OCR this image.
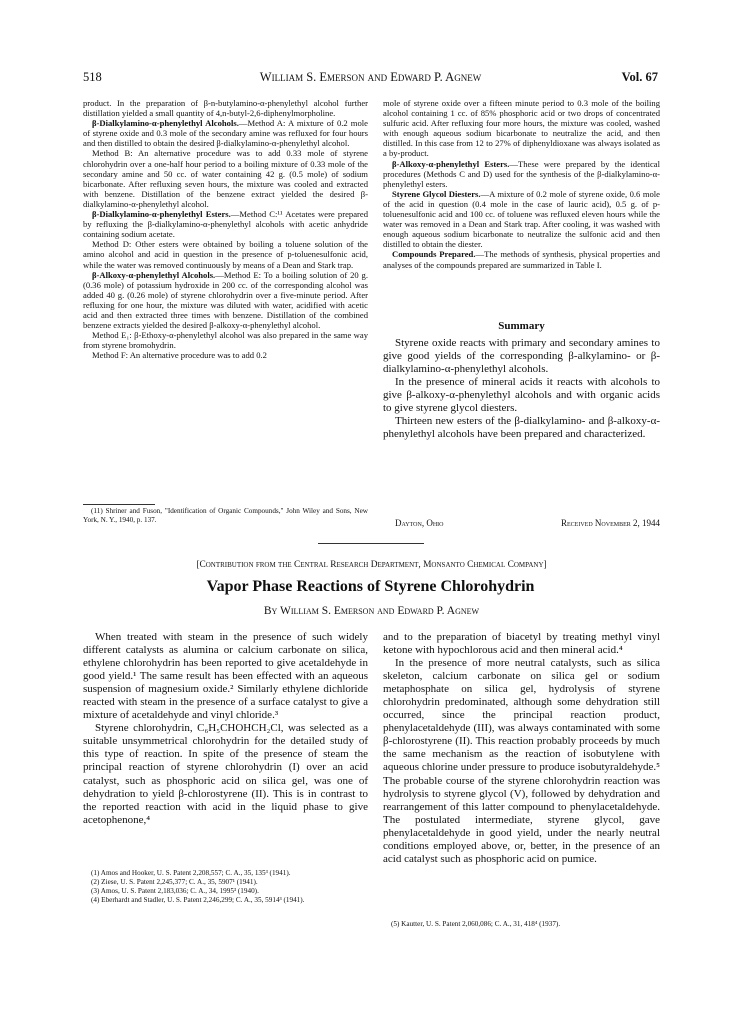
518	William S. Emerson and Edward P. Agnew	Vol. 67

product. In the preparation of β-n-butylamino-α-phenylethyl alcohol further distillation yielded a small quantity of 4,n-butyl-2,6-diphenylmorpholine.

β-Dialkylamino-α-phenylethyl Alcohols.—Method A: A mixture of 0.2 mole of styrene oxide and 0.3 mole of the secondary amine was refluxed for four hours and then distilled to obtain the desired β-dialkylamino-α-phenylethyl alcohol.

Method B: An alternative procedure was to add 0.33 mole of styrene chlorohydrin over a one-half hour period to a boiling mixture of 0.33 mole of the secondary amine and 50 cc. of water containing 42 g. (0.5 mole) of sodium bicarbonate. After refluxing seven hours, the mixture was cooled and extracted with benzene. Distillation of the benzene extract yielded the desired β-dialkylamino-α-phenylethyl alcohol.

β-Dialkylamino-α-phenylethyl Esters.—Method C:¹¹ Acetates were prepared by refluxing the β-dialkylamino-α-phenylethyl alcohols with acetic anhydride containing sodium acetate.

Method D: Other esters were obtained by boiling a toluene solution of the amino alcohol and acid in question in the presence of p-toluenesulfonic acid, while the water was removed continuously by means of a Dean and Stark trap.

β-Alkoxy-α-phenylethyl Alcohols.—Method E: To a boiling solution of 20 g. (0.36 mole) of potassium hydroxide in 200 cc. of the corresponding alcohol was added 40 g. (0.26 mole) of styrene chlorohydrin over a five-minute period. After refluxing for one hour, the mixture was diluted with water, acidified with acetic acid and then extracted three times with benzene. Distillation of the combined benzene extracts yielded the desired β-alkoxy-α-phenylethyl alcohol.

Method E₁: β-Ethoxy-α-phenylethyl alcohol was also prepared in the same way from styrene bromohydrin.

Method F: An alternative procedure was to add 0.2

(11) Shriner and Fuson, "Identification of Organic Compounds," John Wiley and Sons, New York, N. Y., 1940, p. 137.

mole of styrene oxide over a fifteen minute period to 0.3 mole of the boiling alcohol containing 1 cc. of 85% phosphoric acid or two drops of concentrated sulfuric acid. After refluxing four more hours, the mixture was cooled, washed with enough aqueous sodium bicarbonate to neutralize the acid, and then distilled. In this case from 12 to 27% of diphenyldioxane was always isolated as a by-product.

β-Alkoxy-α-phenylethyl Esters.—These were prepared by the identical procedures (Methods C and D) used for the synthesis of the β-dialkylamino-α-phenylethyl esters.

Styrene Glycol Diesters.—A mixture of 0.2 mole of styrene oxide, 0.6 mole of the acid in question (0.4 mole in the case of lauric acid), 0.5 g. of p-toluenesulfonic acid and 100 cc. of toluene was refluxed eleven hours while the water was removed in a Dean and Stark trap. After cooling, it was washed with enough aqueous sodium bicarbonate to neutralize the sulfonic acid and then distilled to obtain the diester.

Compounds Prepared.—The methods of synthesis, physical properties and analyses of the compounds prepared are summarized in Table I.

Summary

Styrene oxide reacts with primary and secondary amines to give good yields of the corresponding β-alkylamino- or β-dialkylamino-α-phenylethyl alcohols.

In the presence of mineral acids it reacts with alcohols to give β-alkoxy-α-phenylethyl alcohols and with organic acids to give styrene glycol diesters.

Thirteen new esters of the β-dialkylamino- and β-alkoxy-α-phenylethyl alcohols have been prepared and characterized.

Dayton, Ohio	Received November 2, 1944
[Contribution from the Central Research Department, Monsanto Chemical Company]
Vapor Phase Reactions of Styrene Chlorohydrin
By William S. Emerson and Edward P. Agnew

When treated with steam in the presence of such widely different catalysts as alumina or calcium carbonate on silica, ethylene chlorohydrin has been reported to give acetaldehyde in good yield.¹ The same result has been effected with an aqueous suspension of magnesium oxide.² Similarly ethylene dichloride reacted with steam in the presence of a surface catalyst to give a mixture of acetaldehyde and vinyl chloride.³

Styrene chlorohydrin, C₆H₅CHOHCH₂Cl, was selected as a suitable unsymmetrical chlorohydrin for the detailed study of this type of reaction. In spite of the presence of steam the principal reaction of styrene chlorohydrin (I) over an acid catalyst, such as phosphoric acid on silica gel, was one of dehydration to yield β-chlorostyrene (II). This is in contrast to the reported reaction with acid in the liquid phase to give acetophenone,⁴

(1) Amos and Hooker, U. S. Patent 2,208,557; C. A., 35, 135³ (1941).

(2) Ziese, U. S. Patent 2,245,377; C. A., 35, 5907¹ (1941).

(3) Amos, U. S. Patent 2,183,036; C. A., 34, 1995³ (1940).

(4) Eberhardt and Stadler, U. S. Patent 2,246,299; C. A., 35, 5914³ (1941).

and to the preparation of biacetyl by treating methyl vinyl ketone with hypochlorous acid and then mineral acid.⁴

In the presence of more neutral catalysts, such as silica skeleton, calcium carbonate on silica gel or sodium metaphosphate on silica gel, hydrolysis of styrene chlorohydrin predominated, although some dehydration still occurred, since the principal reaction product, phenylacetaldehyde (III), was always contaminated with some β-chlorostyrene (II). This reaction probably proceeds by much the same mechanism as the reaction of isobutylene with aqueous chlorine under pressure to produce isobutyraldehyde.⁵ The probable course of the styrene chlorohydrin reaction was hydrolysis to styrene glycol (V), followed by dehydration and rearrangement of this latter compound to phenylacetaldehyde. The postulated intermediate, styrene glycol, gave phenylacetaldehyde in good yield, under the nearly neutral conditions employed above, or, better, in the presence of an acid catalyst such as phosphoric acid on pumice.

(5) Kautter, U. S. Patent 2,060,086; C. A., 31, 418⁴ (1937).
